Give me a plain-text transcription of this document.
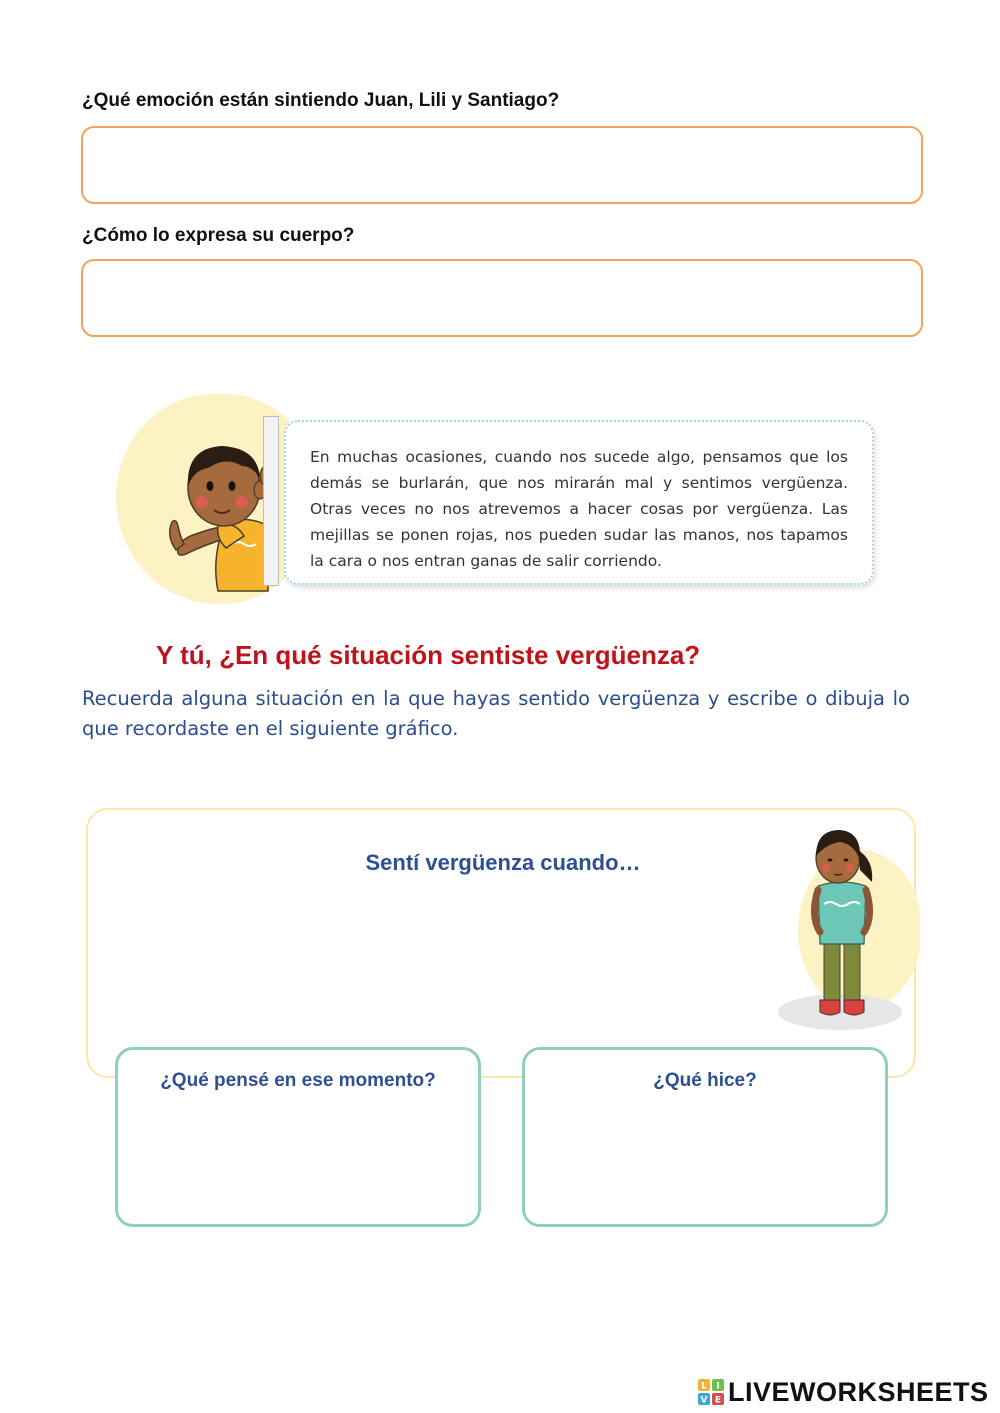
¿Qué emoción están sintiendo Juan, Lili y Santiago?
¿Cómo lo expresa su cuerpo?

En muchas ocasiones, cuando nos sucede algo, pensamos que los demás se burlarán, que nos mirarán mal y sentimos vergüenza. Otras veces no nos atrevemos a hacer cosas por vergüenza. Las mejillas se ponen rojas, nos pueden sudar las manos, nos tapamos la cara o nos entran ganas de salir corriendo.

Y tú, ¿En qué situación sentiste vergüenza?

Recuerda alguna situación en la que hayas sentido vergüenza y escribe o dibuja lo que recordaste en el siguiente gráfico.

Sentí vergüenza cuando…
¿Qué pensé en ese momento?	¿Qué hice?
L I
V E LIVEWORKSHEETS
